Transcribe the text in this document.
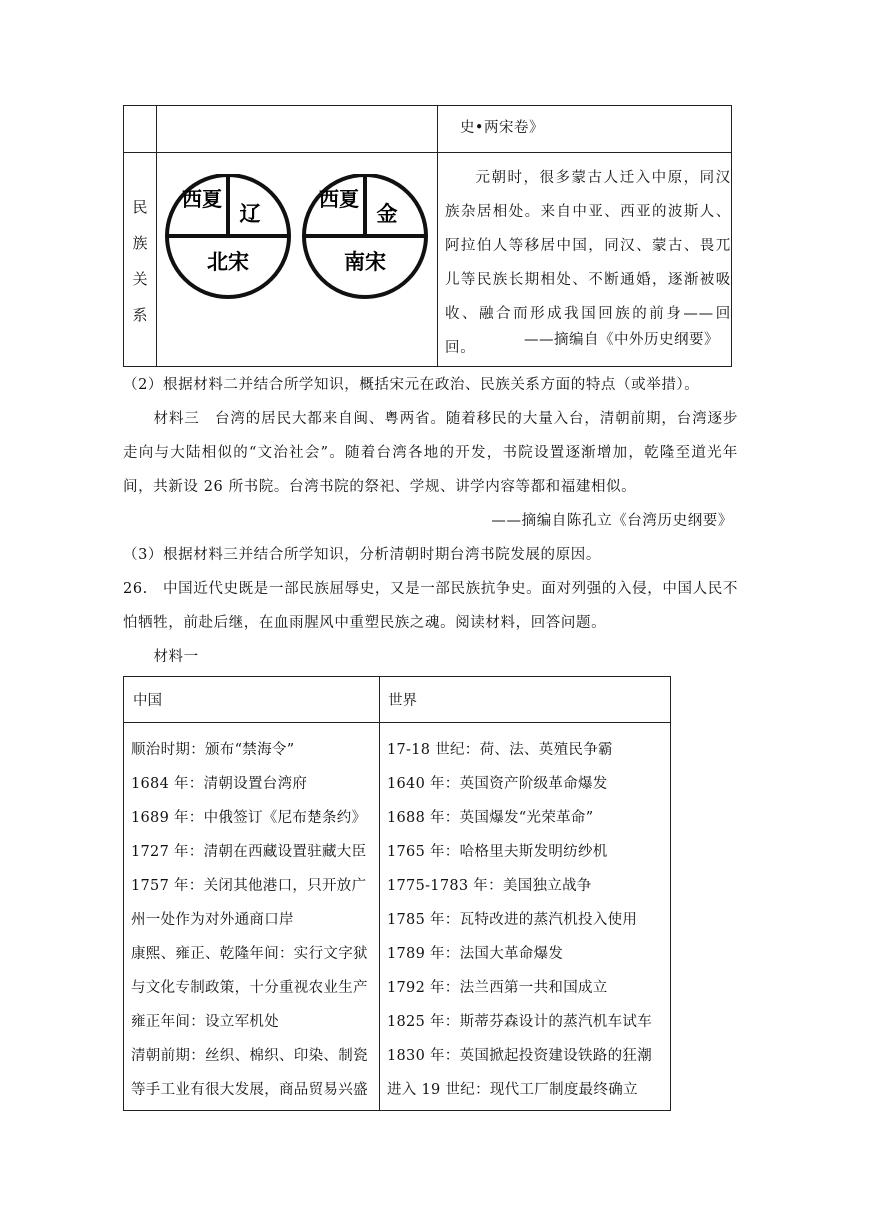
史•两宋卷》
民
族
关
系
西夏
辽
北宋
西夏
金
南宋
元朝时，很多蒙古人迁入中原，同汉族杂居相处。来自中亚、西亚的波斯人、阿拉伯人等移居中国，同汉、蒙古、畏兀儿等民族长期相处、不断通婚，逐渐被吸收、融合而形成我国回族的前身——回回。	——摘编自《中外历史纲要》
（2）根据材料二并结合所学知识，概括宋元在政治、民族关系方面的特点（或举措）。
材料三　台湾的居民大都来自闽、粤两省。随着移民的大量入台，清朝前期，台湾逐步走向与大陆相似的“文治社会”。随着台湾各地的开发，书院设置逐渐增加，乾隆至道光年间，共新设 26 所书院。台湾书院的祭祀、学规、讲学内容等都和福建相似。
——摘编自陈孔立《台湾历史纲要》
（3）根据材料三并结合所学知识，分析清朝时期台湾书院发展的原因。
26.　中国近代史既是一部民族屈辱史，又是一部民族抗争史。面对列强的入侵，中国人民不怕牺牲，前赴后继，在血雨腥风中重塑民族之魂。阅读材料，回答问题。
材料一
中国	世界
顺治时期：颁布“禁海令”
1684 年：清朝设置台湾府
1689 年：中俄签订《尼布楚条约》
1727 年：清朝在西藏设置驻藏大臣
1757 年：关闭其他港口，只开放广
州一处作为对外通商口岸
康熙、雍正、乾隆年间：实行文字狱
与文化专制政策，十分重视农业生产
雍正年间：设立军机处
清朝前期：丝织、棉织、印染、制瓷
等手工业有很大发展，商品贸易兴盛
17-18 世纪：荷、法、英殖民争霸
1640 年：英国资产阶级革命爆发
1688 年：英国爆发“光荣革命”
1765 年：哈格里夫斯发明纺纱机
1775-1783 年：美国独立战争
1785 年：瓦特改进的蒸汽机投入使用
1789 年：法国大革命爆发
1792 年：法兰西第一共和国成立
1825 年：斯蒂芬森设计的蒸汽机车试车
1830 年：英国掀起投资建设铁路的狂潮
进入 19 世纪：现代工厂制度最终确立
